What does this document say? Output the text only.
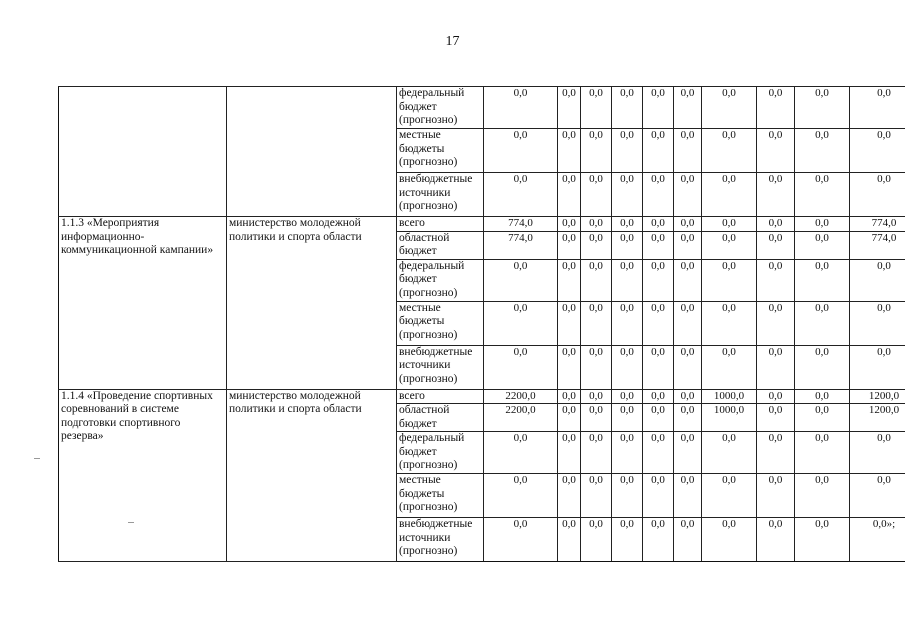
17
		федеральный бюджет (прогнозно)	0,0	0,0	0,0	0,0	0,0	0,0	0,0	0,0	0,0	0,0
		местные бюджеты (прогнозно)	0,0	0,0	0,0	0,0	0,0	0,0	0,0	0,0	0,0	0,0
		внебюджетные источники (прогнозно)	0,0	0,0	0,0	0,0	0,0	0,0	0,0	0,0	0,0	0,0
1.1.3 «Мероприятия информационно-коммуникационной кампании»	министерство молодежной политики и спорта области	всего	774,0	0,0	0,0	0,0	0,0	0,0	0,0	0,0	0,0	774,0
		областной бюджет	774,0	0,0	0,0	0,0	0,0	0,0	0,0	0,0	0,0	774,0
		федеральный бюджет (прогнозно)	0,0	0,0	0,0	0,0	0,0	0,0	0,0	0,0	0,0	0,0
		местные бюджеты (прогнозно)	0,0	0,0	0,0	0,0	0,0	0,0	0,0	0,0	0,0	0,0
		внебюджетные источники (прогнозно)	0,0	0,0	0,0	0,0	0,0	0,0	0,0	0,0	0,0	0,0
1.1.4 «Проведение спортивных соревнований в системе подготовки спортивного резерва»	министерство молодежной политики и спорта области	всего	2200,0	0,0	0,0	0,0	0,0	0,0	1000,0	0,0	0,0	1200,0
		областной бюджет	2200,0	0,0	0,0	0,0	0,0	0,0	1000,0	0,0	0,0	1200,0
		федеральный бюджет (прогнозно)	0,0	0,0	0,0	0,0	0,0	0,0	0,0	0,0	0,0	0,0
		местные бюджеты (прогнозно)	0,0	0,0	0,0	0,0	0,0	0,0	0,0	0,0	0,0	0,0
		внебюджетные источники (прогнозно)	0,0	0,0	0,0	0,0	0,0	0,0	0,0	0,0	0,0	0,0»;
